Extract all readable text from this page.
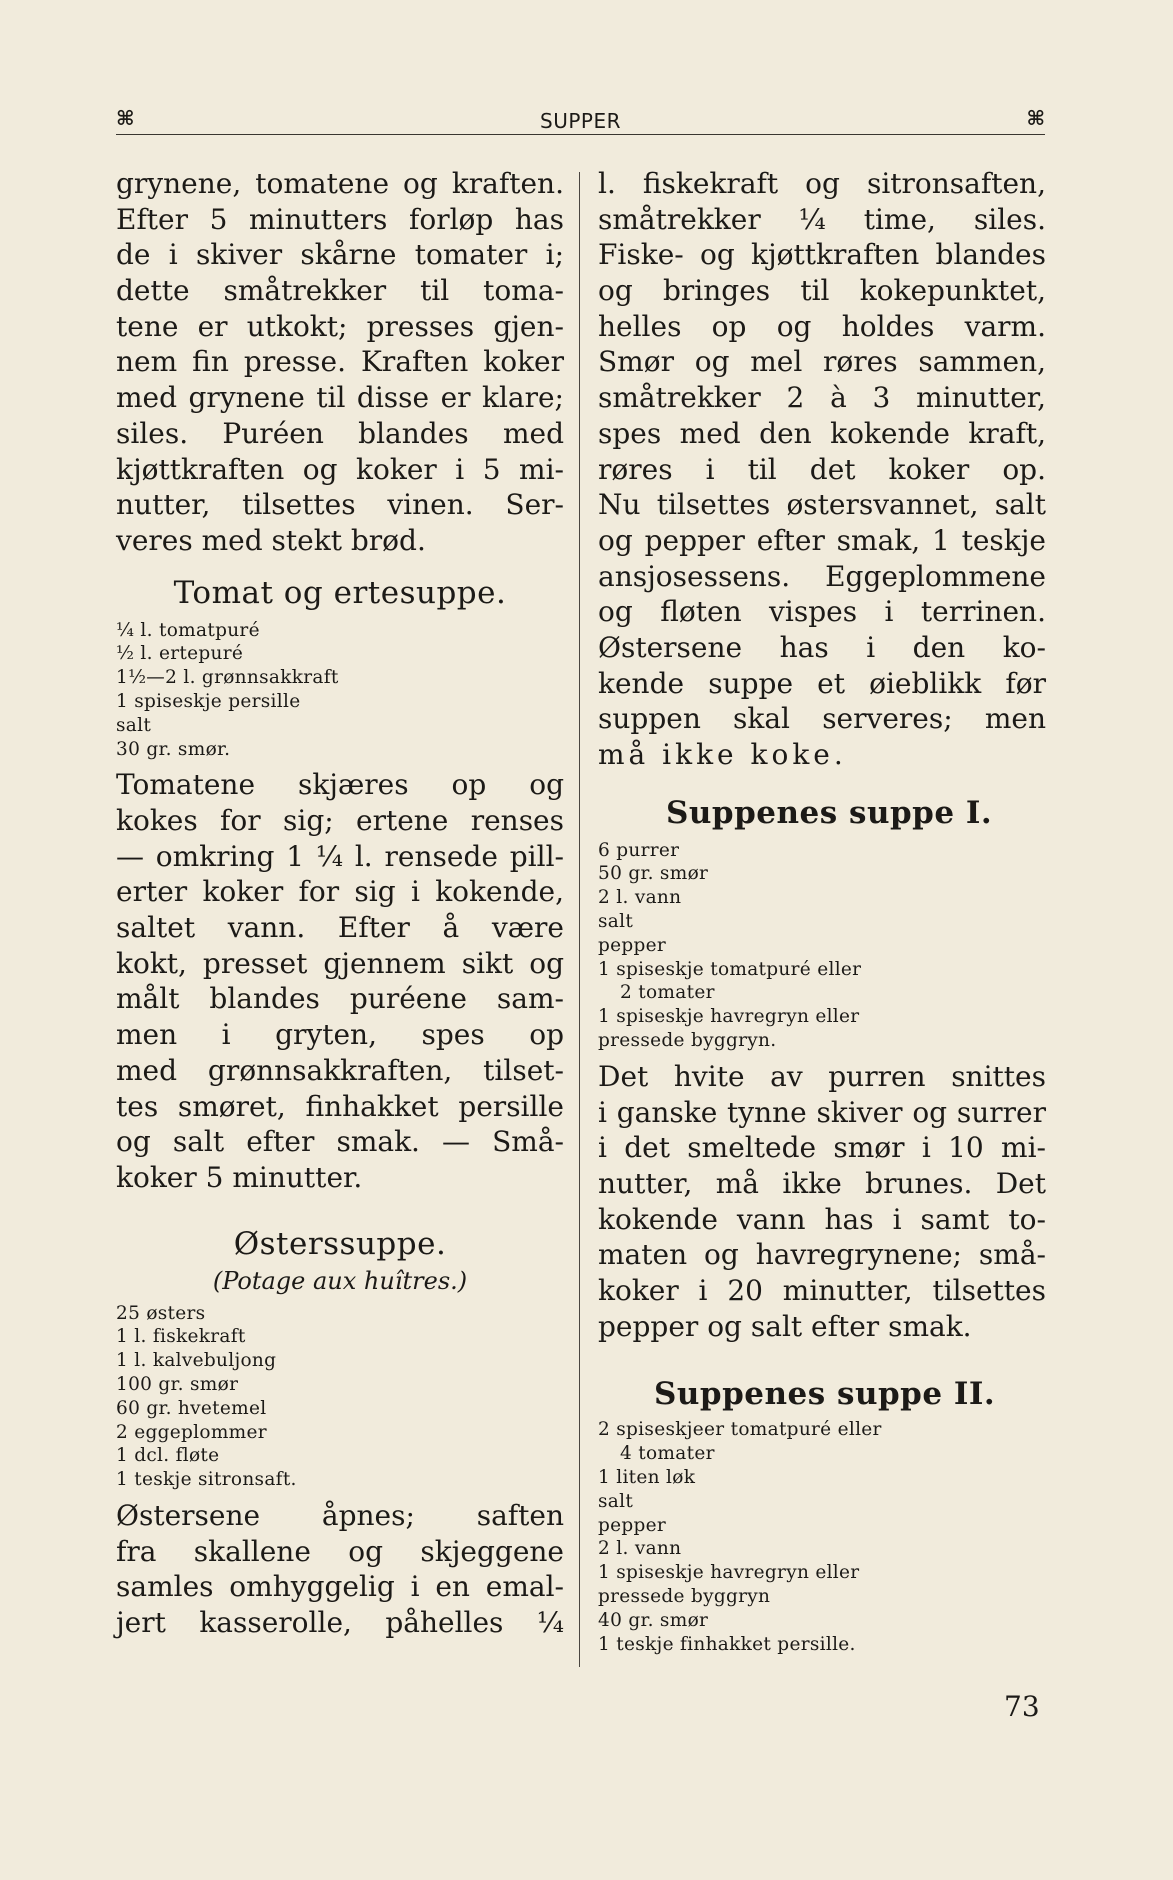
⌘	SUPPER	⌘
grynene, tomatene og kraften.
Efter 5 minutters forløp has
de i skiver skårne tomater i;
dette småtrekker til toma-
tene er utkokt; presses gjen-
nem fin presse. Kraften koker
med grynene til disse er klare;
siles. Puréen blandes med
kjøttkraften og koker i 5 mi-
nutter, tilsettes vinen. Ser-
veres med stekt brød.
Tomat og ertesuppe.
¼ l. tomatpuré
½ l. ertepuré
1½—2 l. grønnsakkraft
1 spiseskje persille
salt
30 gr. smør.
Tomatene skjæres op og
kokes for sig; ertene renses
— omkring 1 ¼ l. rensede pill-
erter koker for sig i kokende,
saltet vann. Efter å være
kokt, presset gjennem sikt og
målt blandes puréene sam-
men i gryten, spes op
med grønnsakkraften, tilset-
tes smøret, finhakket persille
og salt efter smak. — Små-
koker 5 minutter.
Østerssuppe.
(Potage aux huîtres.)
25 østers
1 l. fiskekraft
1 l. kalvebuljong
100 gr. smør
60 gr. hvetemel
2 eggeplommer
1 dcl. fløte
1 teskje sitronsaft.
Østersene åpnes; saften
fra skallene og skjeggene
samles omhyggelig i en emal-
jert kasserolle, påhelles ¼
l. fiskekraft og sitronsaften,
småtrekker ¼ time, siles.
Fiske- og kjøttkraften blandes
og bringes til kokepunktet,
helles op og holdes varm.
Smør og mel røres sammen,
småtrekker 2 à 3 minutter,
spes med den kokende kraft,
røres i til det koker op.
Nu tilsettes østersvannet, salt
og pepper efter smak, 1 teskje
ansjosessens. Eggeplommene
og fløten vispes i terrinen.
Østersene has i den ko-
kende suppe et øieblikk før
suppen skal serveres; men
må ikke koke.
Suppenes suppe I.
6 purrer
50 gr. smør
2 l. vann
salt
pepper
1 spiseskje tomatpuré eller
2 tomater
1 spiseskje havregryn eller
pressede byggryn.
Det hvite av purren snittes
i ganske tynne skiver og surrer
i det smeltede smør i 10 mi-
nutter, må ikke brunes. Det
kokende vann has i samt to-
maten og havregrynene; små-
koker i 20 minutter, tilsettes
pepper og salt efter smak.
Suppenes suppe II.
2 spiseskjeer tomatpuré eller
4 tomater
1 liten løk
salt
pepper
2 l. vann
1 spiseskje havregryn eller
pressede byggryn
40 gr. smør
1 teskje finhakket persille.
73
